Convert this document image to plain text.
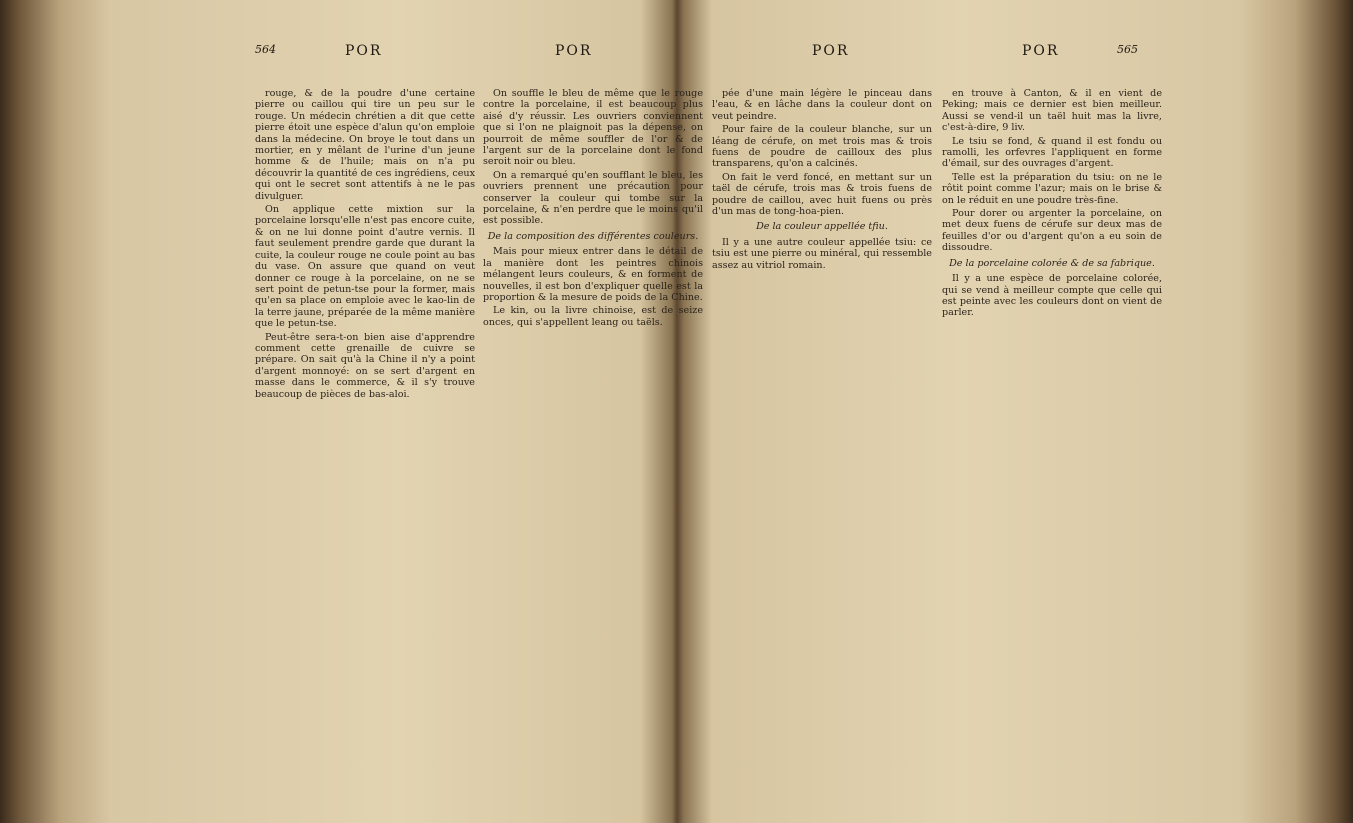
564	POR	POR

rouge, & de la poudre d'une certaine pierre ou caillou qui tire un peu sur le rouge. Un médecin chrétien a dit que cette pierre étoit une espèce d'alun qu'on emploie dans la médecine. On broye le tout dans un mortier, en y mêlant de l'urine d'un jeune homme & de l'huile; mais on n'a pu découvrir la quantité de ces ingrédiens, ceux qui ont le secret sont attentifs à ne le pas divulguer.

On applique cette mixtion sur la porcelaine lorsqu'elle n'est pas encore cuite, & on ne lui donne point d'autre vernis. Il faut seulement prendre garde que durant la cuite, la couleur rouge ne coule point au bas du vase. On assure que quand on veut donner ce rouge à la porcelaine, on ne se sert point de petun-tse pour la former, mais qu'en sa place on emploie avec le kao-lin de la terre jaune, préparée de la même manière que le petun-tse.

Peut-être sera-t-on bien aise d'apprendre comment cette grenaille de cuivre se prépare. On sait qu'à la Chine il n'y a point d'argent monnoyé: on se sert d'argent en masse dans le commerce, & il s'y trouve beaucoup de pièces de bas-aloi.

On souffle le bleu de même que le rouge contre la porcelaine, il est beaucoup plus aisé d'y réussir. Les ouvriers conviennent que si l'on ne plaignoit pas la dépense, on pourroit de même souffler de l'or & de l'argent sur de la porcelaine dont le fond seroit noir ou bleu.

On a remarqué qu'en soufflant le bleu, les ouvriers prennent une précaution pour conserver la couleur qui tombe sur la porcelaine, & n'en perdre que le moins qu'il est possible.

De la composition des différentes couleurs.

Mais pour mieux entrer dans le détail de la manière dont les peintres chinois mélangent leurs couleurs, & en forment de nouvelles, il est bon d'expliquer quelle est la proportion & la mesure de poids de la Chine.

Le kin, ou la livre chinoise, est de seize onces, qui s'appellent leang ou taëls.

POR	POR	565

pée d'une main légère le pinceau dans l'eau, & en lâche dans la couleur dont on veut peindre.

Pour faire de la couleur blanche, sur un léang de cérufe, on met trois mas & trois fuens de poudre de cailloux des plus transparens, qu'on a calcinés.

On fait le verd foncé, en mettant sur un taël de cérufe, trois mas & trois fuens de poudre de caillou, avec huit fuens ou près d'un mas de tong-hoa-pien.

De la couleur appellée tfiu.

Il y a une autre couleur appellée tsiu: ce tsiu est une pierre ou minéral, qui ressemble assez au vitriol romain.

en trouve à Canton, & il en vient de Peking; mais ce dernier est bien meilleur. Aussi se vend-il un taël huit mas la livre, c'est-à-dire, 9 liv.

Le tsiu se fond, & quand il est fondu ou ramolli, les orfevres l'appliquent en forme d'émail, sur des ouvrages d'argent.

Telle est la préparation du tsiu: on ne le rôtit point comme l'azur; mais on le brise & on le réduit en une poudre très-fine.

Pour dorer ou argenter la porcelaine, on met deux fuens de cérufe sur deux mas de feuilles d'or ou d'argent qu'on a eu soin de dissoudre.

De la porcelaine colorée & de sa fabrique.

Il y a une espèce de porcelaine colorée, qui se vend à meilleur compte que celle qui est peinte avec les couleurs dont on vient de parler.
